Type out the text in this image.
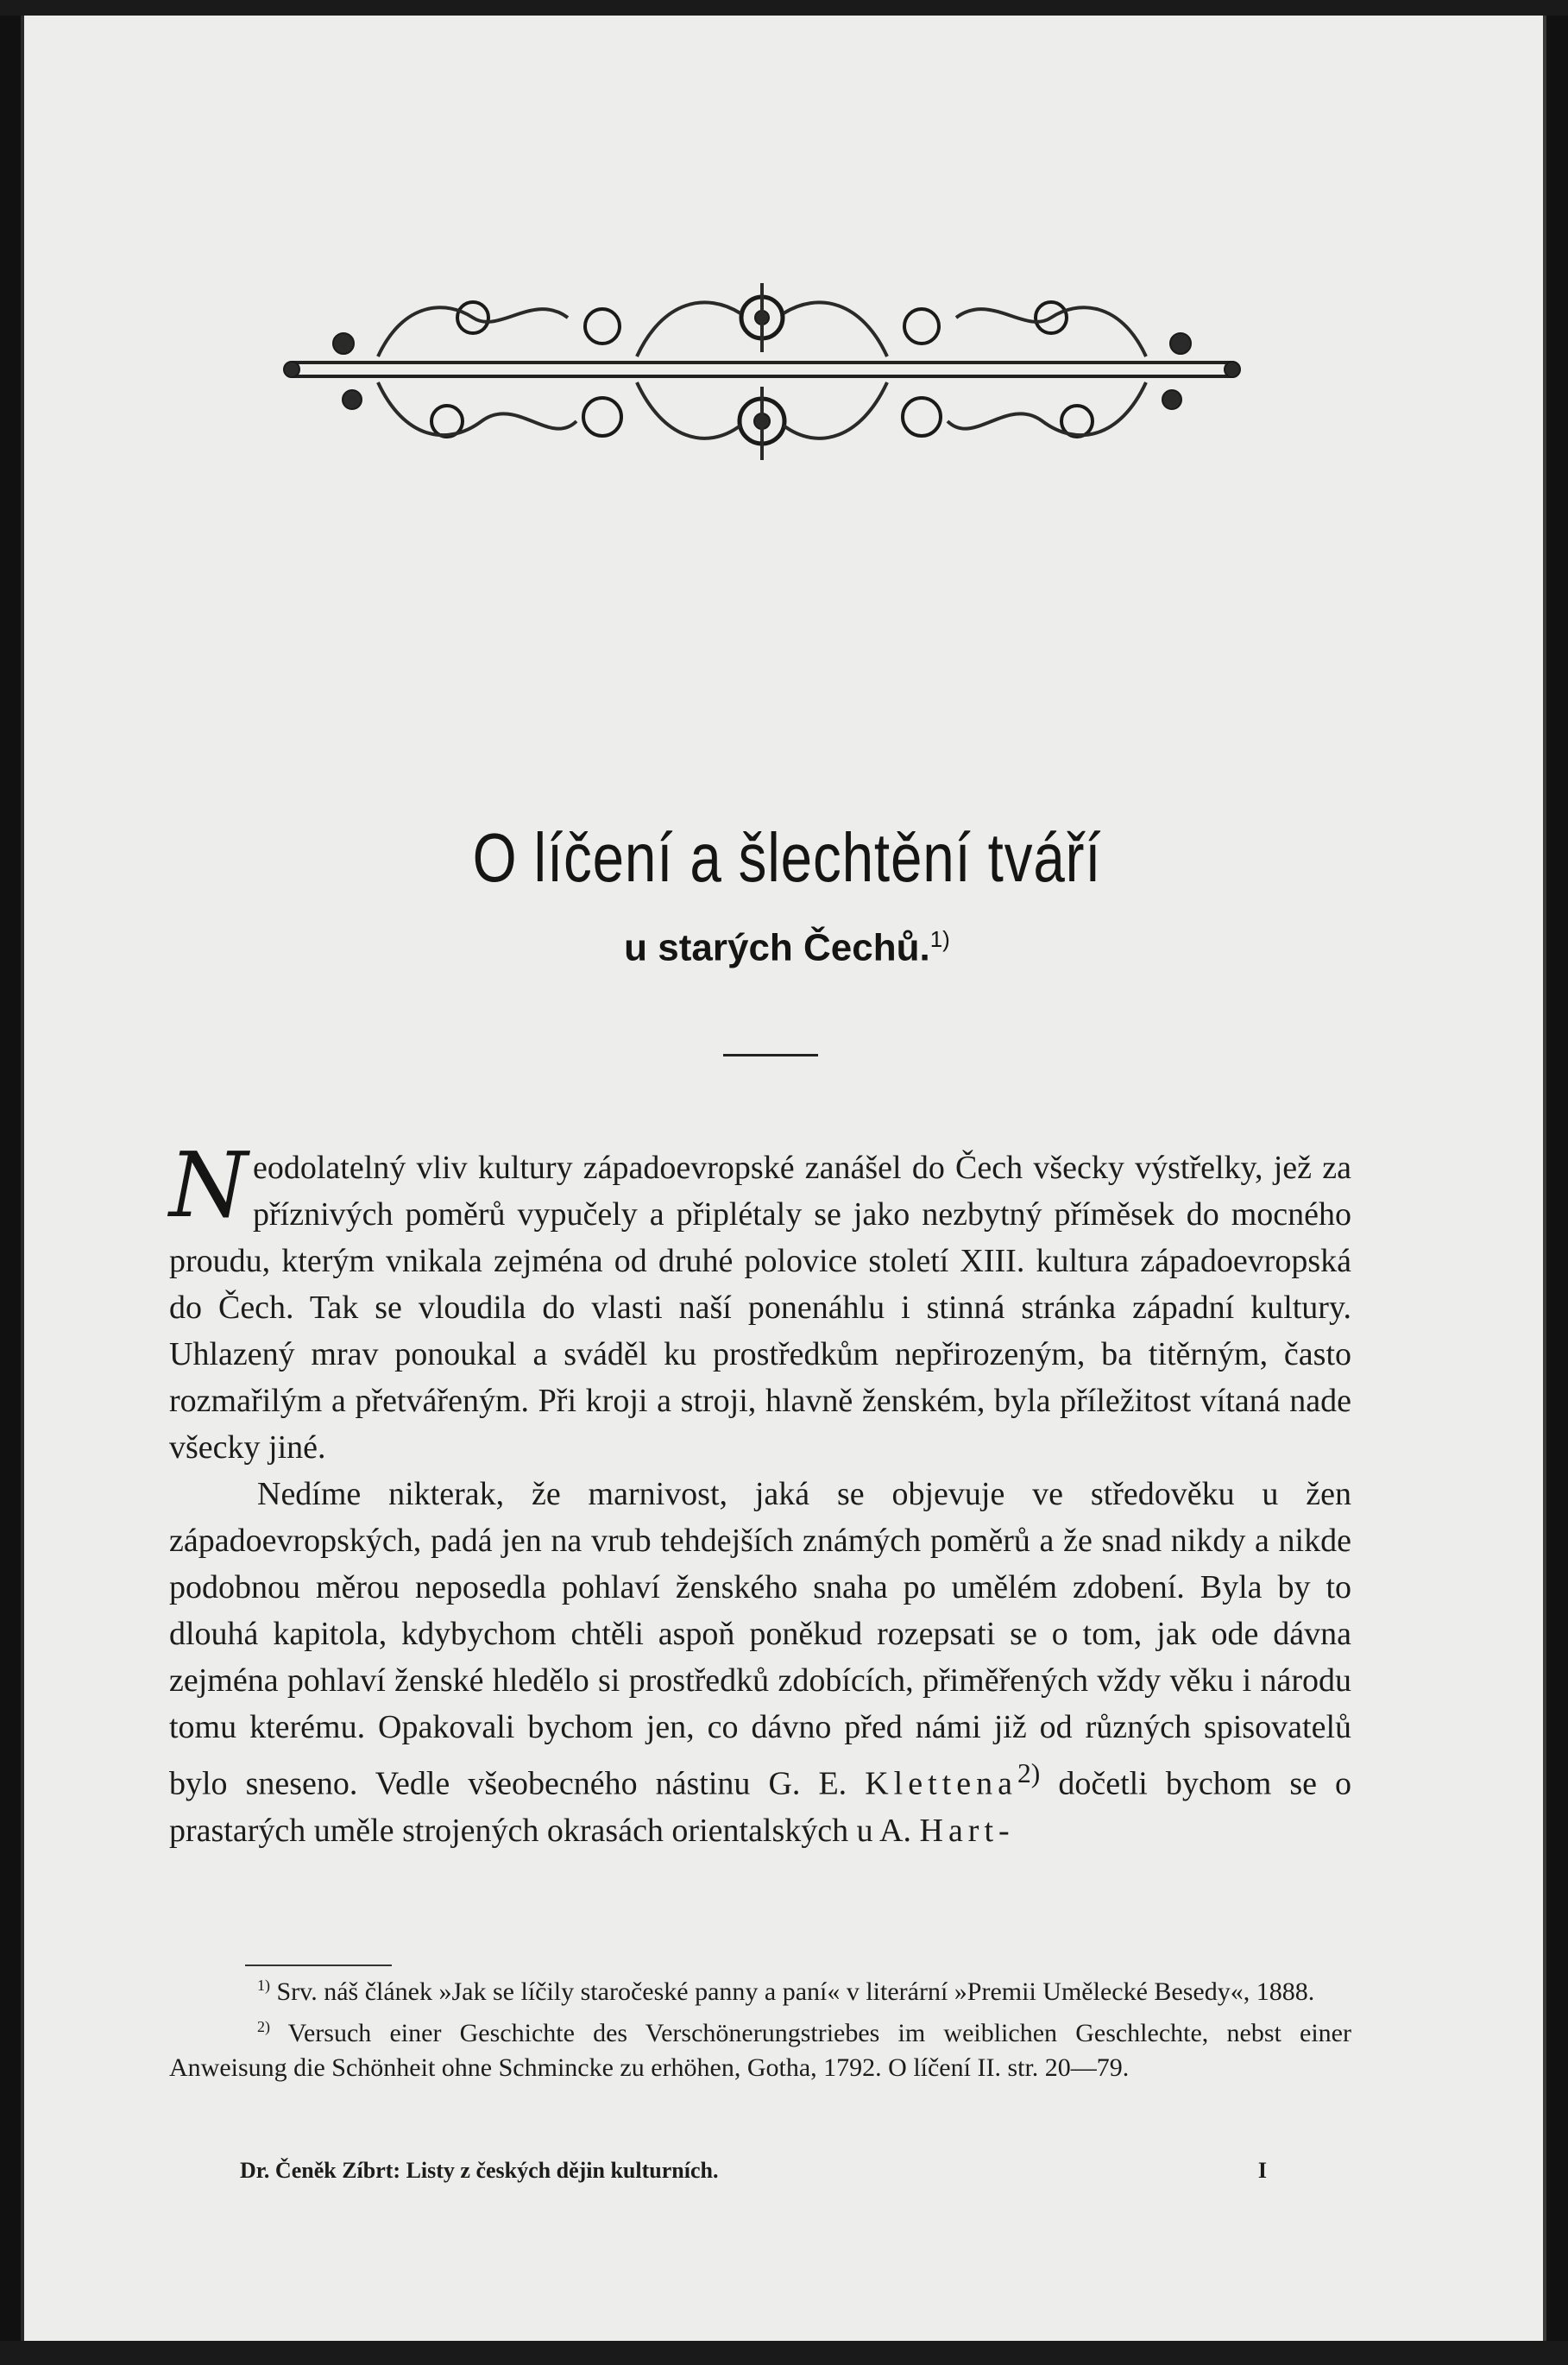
O líčení a šlechtění tváří
u starých Čechů.$^{1)}$

Neodolatelný vliv kultury západoevropské zanášel do Čech všecky výstřelky, jež za příznivých poměrů vypučely a připlétaly se jako nezbytný příměsek do mocného proudu, kterým vnikala zejména od druhé polovice století XIII. kultura západoevropská do Čech. Tak se vloudila do vlasti naší ponenáhlu i stinná stránka západní kultury. Uhlazený mrav ponoukal a sváděl ku prostředkům nepřirozeným, ba titěrným, často rozmařilým a přetvářeným. Při kroji a stroji, hlavně ženském, byla příležitost vítaná nade všecky jiné.

Nedíme nikterak, že marnivost, jaká se objevuje ve středověku u žen západoevropských, padá jen na vrub tehdejších známých poměrů a že snad nikdy a nikde podobnou měrou neposedla pohlaví ženského snaha po umělém zdobení. Byla by to dlouhá kapitola, kdybychom chtěli aspoň poněkud rozepsati se o tom, jak ode dávna zejména pohlaví ženské hledělo si prostředků zdobících, přiměřených vždy věku i národu tomu kterému. Opakovali bychom jen, co dávno před námi již od různých spisovatelů bylo sneseno. Vedle všeobecného nástinu G. E. Klettena$^{2)}$ dočetli bychom se o prastarých uměle strojených okrasách orientalských u A. Hart-

$^{1)}$ Srv. náš článek »Jak se líčily staročeské panny a paní« v literární »Premii Umělecké Besedy«, 1888.

$^{2)}$ Versuch einer Geschichte des Verschönerungstriebes im weiblichen Geschlechte, nebst einer Anweisung die Schönheit ohne Schmincke zu erhöhen, Gotha, 1792. O líčení II. str. 20—79.

Dr. Čeněk Zíbrt: Listy z českých dějin kulturních.	I
